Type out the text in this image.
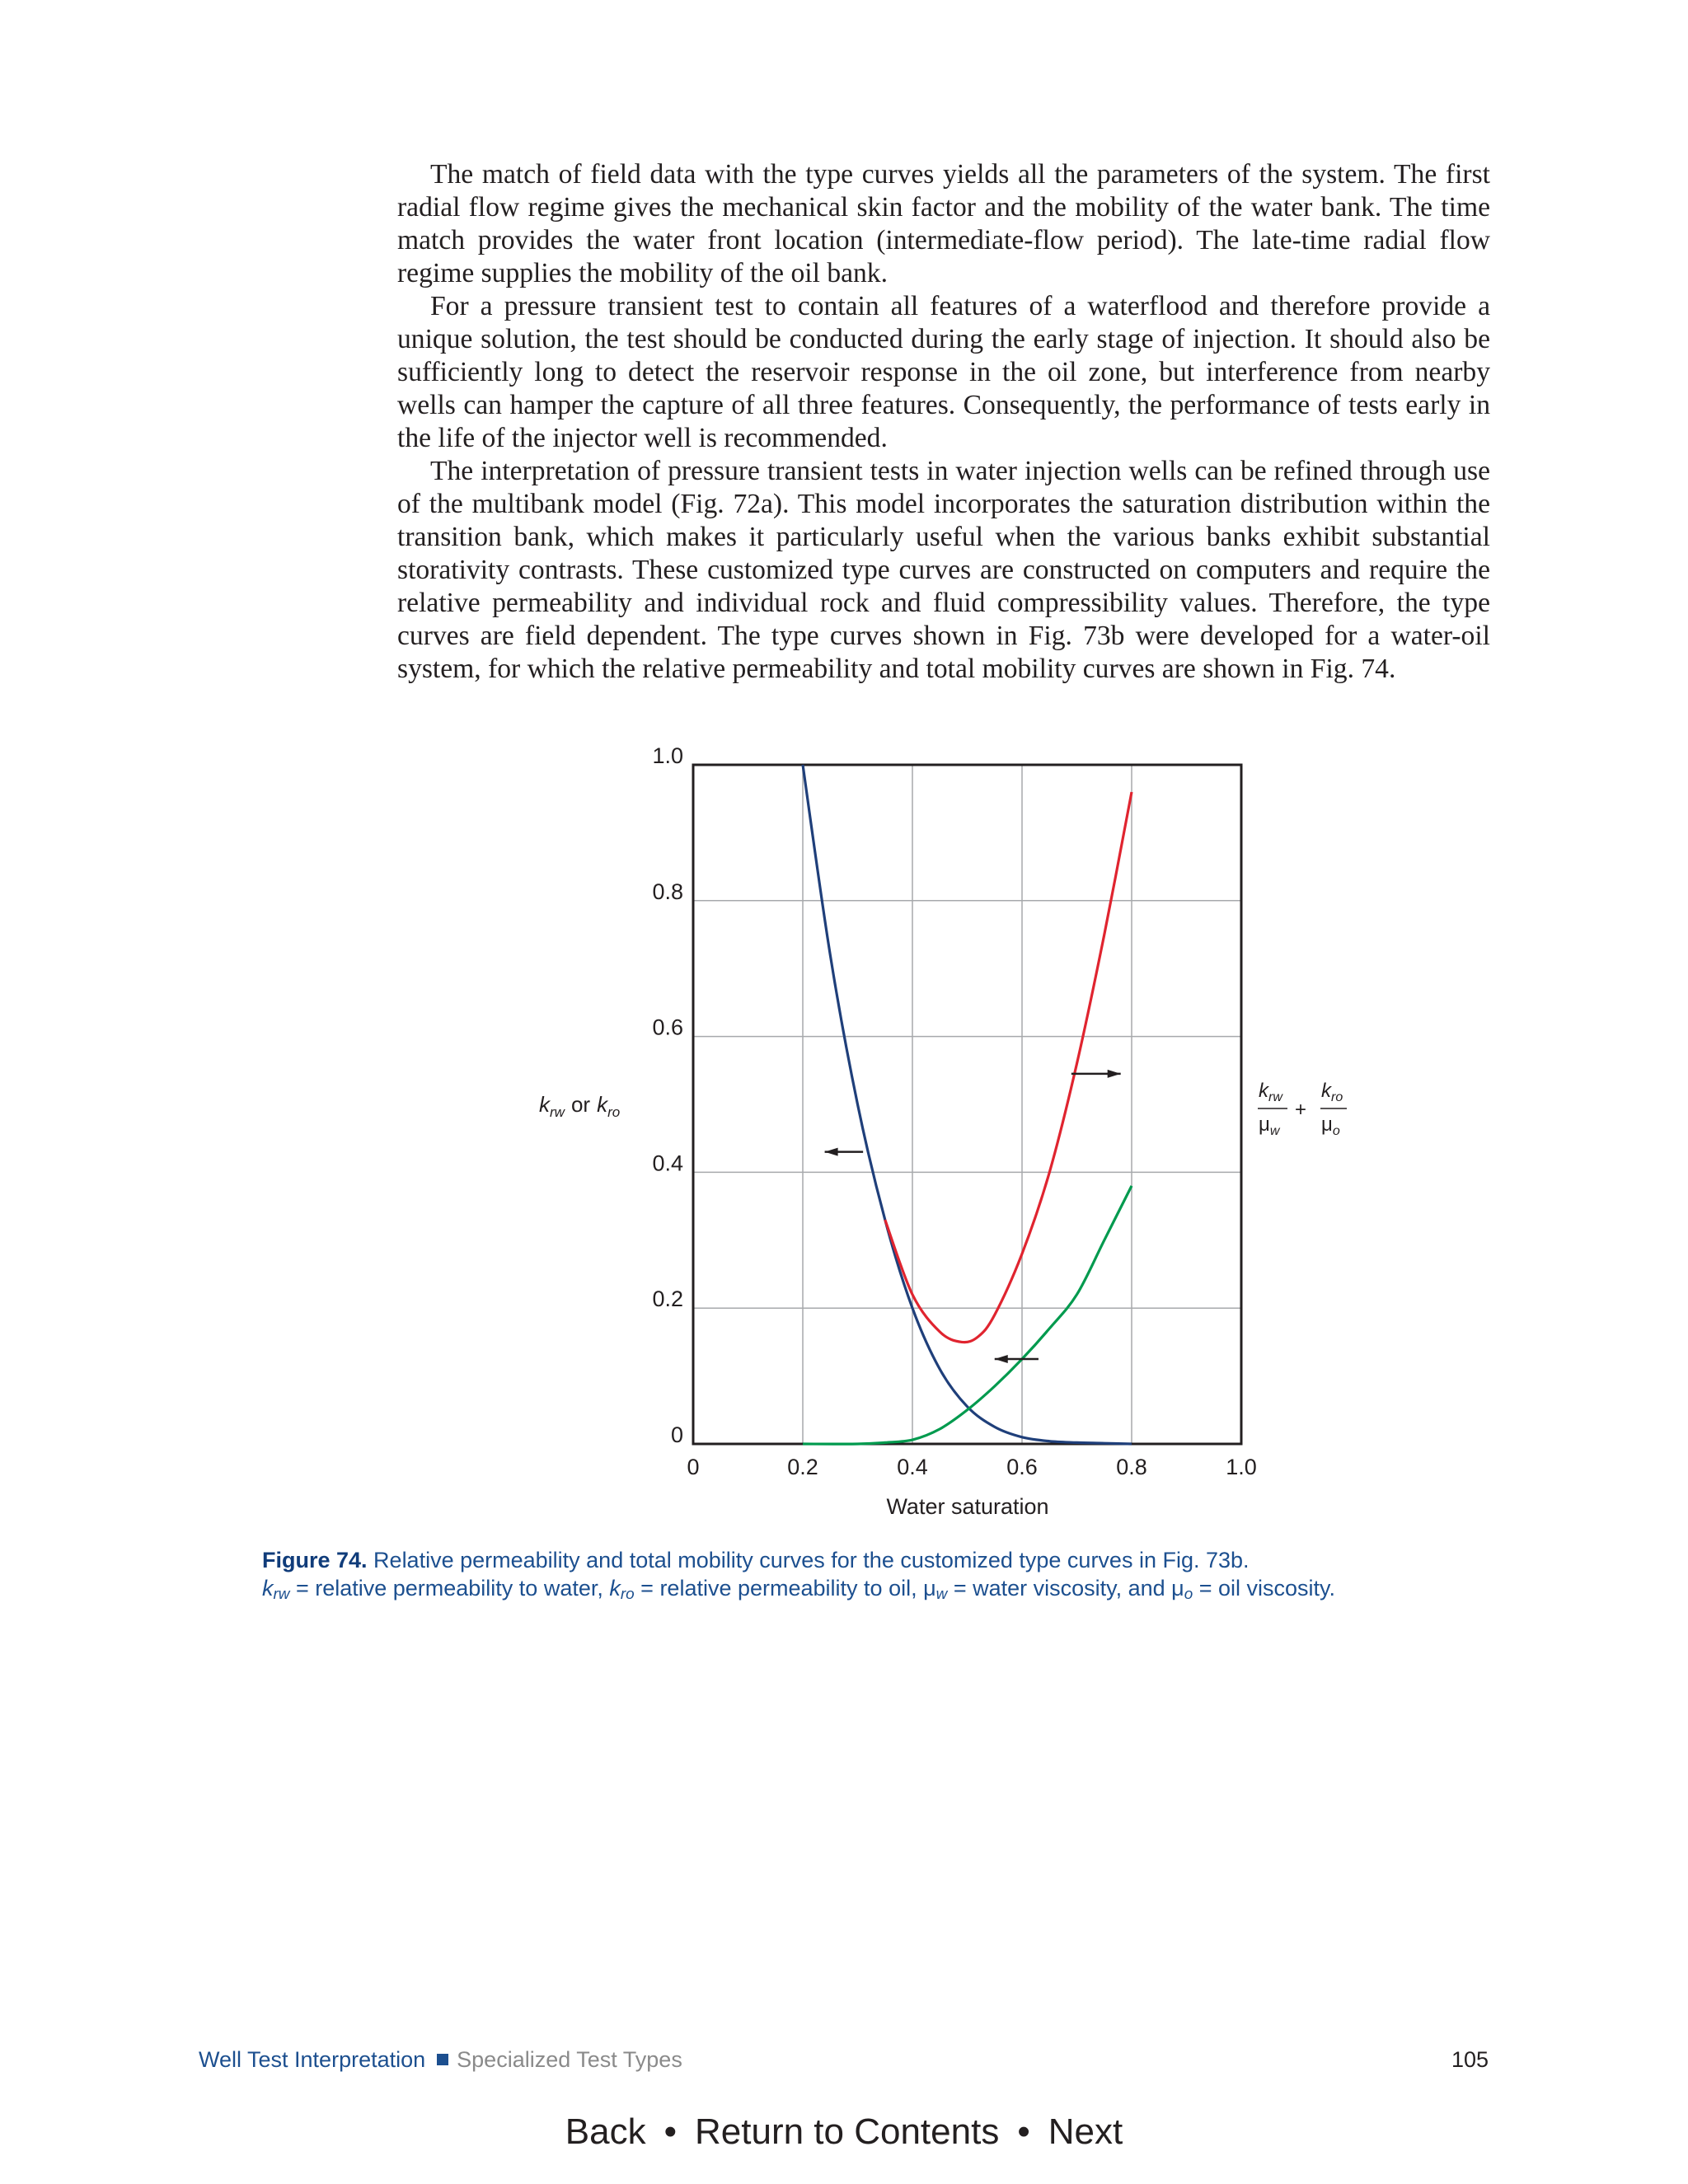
The match of field data with the type curves yields all the parameters of the system. The first radial flow regime gives the mechanical skin factor and the mobility of the water bank. The time match provides the water front location (intermediate-flow period). The late-time radial flow regime supplies the mobility of the oil bank.

For a pressure transient test to contain all features of a waterflood and therefore provide a unique solution, the test should be conducted during the early stage of injection. It should also be sufficiently long to detect the reservoir response in the oil zone, but interference from nearby wells can hamper the capture of all three features. Consequently, the performance of tests early in the life of the injector well is recommended.

The interpretation of pressure transient tests in water injection wells can be refined through use of the multibank model (Fig. 72a). This model incorporates the saturation distribution within the transition bank, which makes it particularly useful when the various banks exhibit substantial storativity contrasts. These customized type curves are constructed on computers and require the relative permeability and individual rock and fluid compressibility values. Therefore, the type curves are field dependent. The type curves shown in Fig. 73b were developed for a water-oil system, for which the relative permeability and total mobility curves are shown in Fig. 74.

0	0.2	0.4	0.6	0.8	1.0
0
0.2
0.4
0.6
0.8
1.0
Water saturation
$k_{rw}$ or $k_{ro}$
$k_{rw}$
$\mu_w$
+
$k_{ro}$
$\mu_o$
Figure 74. Relative permeability and total mobility curves for the customized type curves in Fig. 73b.
$k_{rw}$ = relative permeability to water, $k_{ro}$ = relative permeability to oil, $\mu_w$ = water viscosity, and $\mu_o$ = oil viscosity.
Well Test Interpretation Specialized Test Types	105
Back • Return to Contents • Next
